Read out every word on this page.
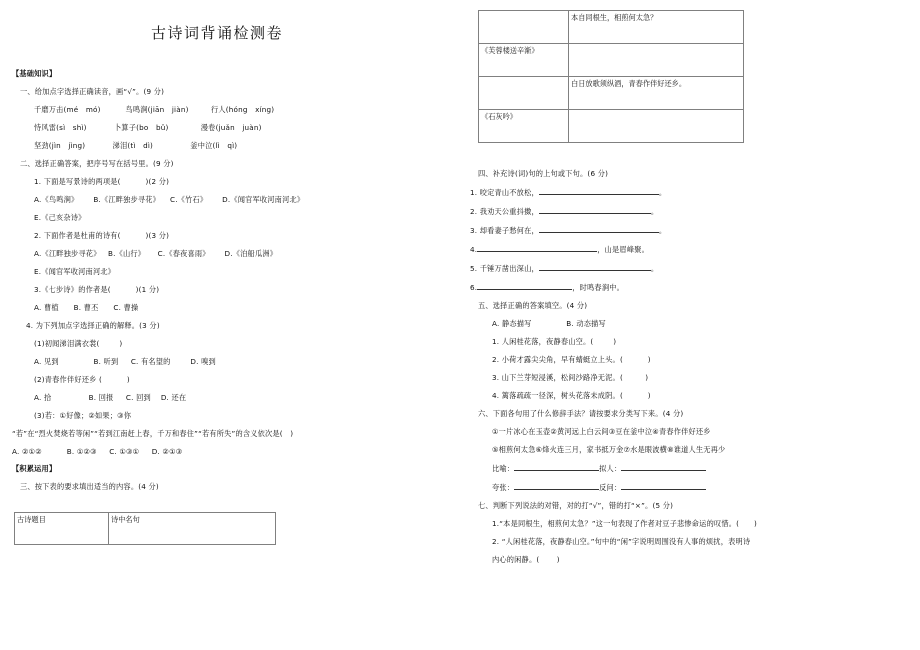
古诗词背诵检测卷
【基础知识】
一、给加点字选择正确读音，画“√”。(9 分)
千磨万击(mé   mó)          鸟鸣涧(jiān   jiàn)         行人(hóng   xíng)
恃风雷(sì   shì)           卜算子(bo   bǔ)             漫卷(juǎn   juàn)
坚劲(jìn   jìng)           涕泪(tì   dì)               釜中泣(lì   qì)
二、选择正确答案，把序号写在括号里。(9 分)
1. 下面是写景诗的两项是(          )(2 分)
A.《鸟鸣涧》      B.《江畔独步寻花》    C.《竹石》      D.《闻官军收河南河北》
E.《己亥杂诗》
2. 下面作者是杜甫的诗有(          )(3 分)
A.《江畔独步寻花》   B.《山行》     C.《春夜喜雨》      D.《泊船瓜洲》
E.《闻官军收河南河北》
3.《七步诗》的作者是(          )(1 分)
A. 曹植      B. 曹丕      C. 曹操
4. 为下列加点字选择正确的解释。(3 分)
(1)初闻涕泪满衣裳(        )
A. 见到              B. 听到     C. 有名望的        D. 嗅到
(2)青春作伴好还乡 (          )
A. 拾               B. 回报     C. 回到    D. 还在
(3)若：①好像；②如果；③你
“若”在“烈火焚烧若等闲”“若到江南赶上春，千万和春住”“若有所失”的含义依次是(   )
A. ②①②          B. ①②③     C. ①③①     D. ②①③
【积累运用】
三、按下表的要求填出适当的内容。(4 分)
古诗题目	诗中名句
	本自同根生，相煎何太急？
《芙蓉楼送辛渐》	
	白日放歌须纵酒，青春作伴好还乡。
《石灰吟》	
四、补充诗(词)句的上句或下句。(6 分)
1. 咬定青山不放松，	。
2. 我劝天公重抖擞，	。
3. 却看妻子愁何在，	。
4.	，山是眉峰聚。
5. 千锤万凿出深山，	。
6.	，时鸣春涧中。
五、选择正确的答案填空。(4 分)
A. 静态描写              B. 动态描写
1. 人闲桂花落，夜静春山空。(        )
2. 小荷才露尖尖角，早有蜻蜓立上头。(          )
3. 山下兰芽短浸溪，松间沙路净无泥。(         )
4. 篱落疏疏一径深，树头花落未成阴。(          )
六、下面各句用了什么修辞手法？请按要求分类写下来。(4 分)
①一片冰心在玉壶②黄河远上白云间③豆在釜中泣④青春作伴好还乡
⑤相煎何太急⑥烽火连三月，家书抵万金⑦水是眼波横⑧谁道人生无再少
比喻：	拟人：
夸张：	反问：
七、判断下列说法的对错，对的打“√”，错的打“×”。(5 分)
1.“本是同根生，相煎何太急？”这一句表现了作者对豆子悲惨命运的叹惜。(      )
2. “人闲桂花落，夜静春山空。”句中的“闲”字说明周围没有人事的烦扰，表明诗
内心的闲静。(       )
